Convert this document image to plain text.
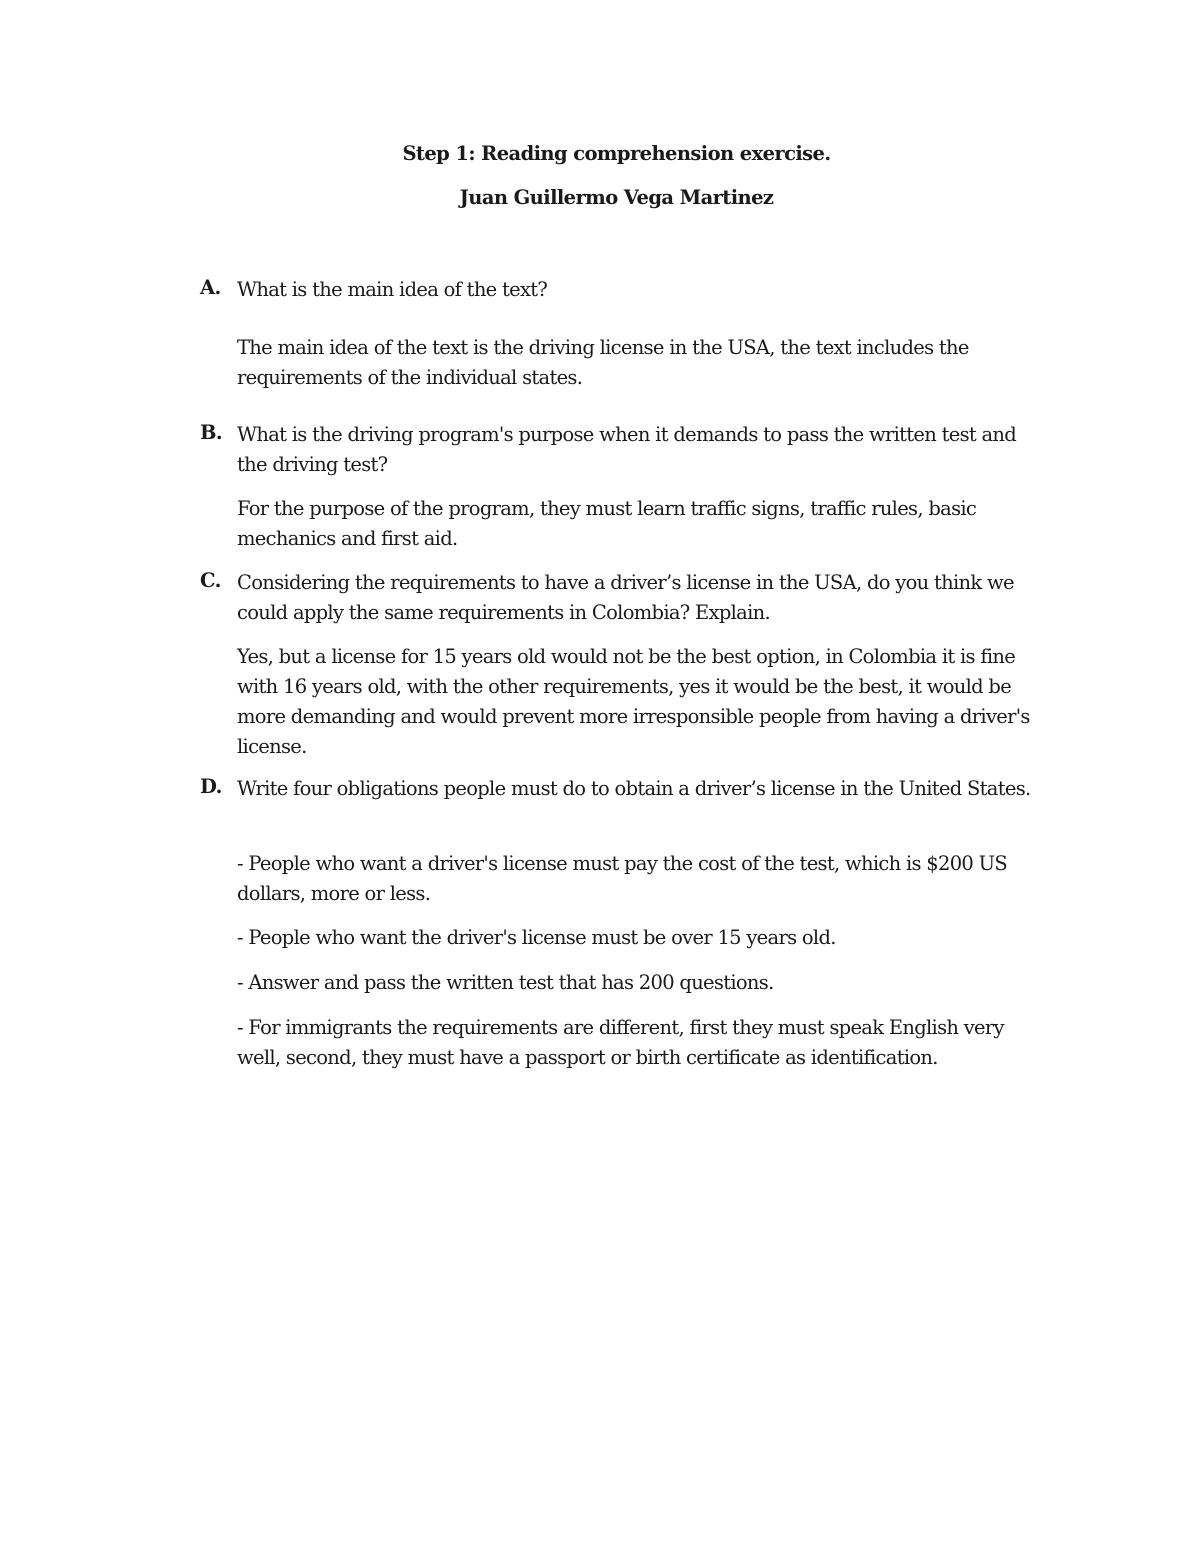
Step 1: Reading comprehension exercise.

Juan Guillermo Vega Martinez

A. What is the main idea of the text?

The main idea of the text is the driving license in the USA, the text includes the requirements of the individual states.

B. What is the driving program's purpose when it demands to pass the written test and the driving test?

For the purpose of the program, they must learn traffic signs, traffic rules, basic mechanics and first aid.

C. Considering the requirements to have a driver’s license in the USA, do you think we could apply the same requirements in Colombia? Explain.

Yes, but a license for 15 years old would not be the best option, in Colombia it is fine with 16 years old, with the other requirements, yes it would be the best, it would be more demanding and would prevent more irresponsible people from having a driver's license.

D. Write four obligations people must do to obtain a driver’s license in the United States.

- People who want a driver's license must pay the cost of the test, which is $200 US dollars, more or less.

- People who want the driver's license must be over 15 years old.

- Answer and pass the written test that has 200 questions.

- For immigrants the requirements are different, first they must speak English very well, second, they must have a passport or birth certificate as identification.
